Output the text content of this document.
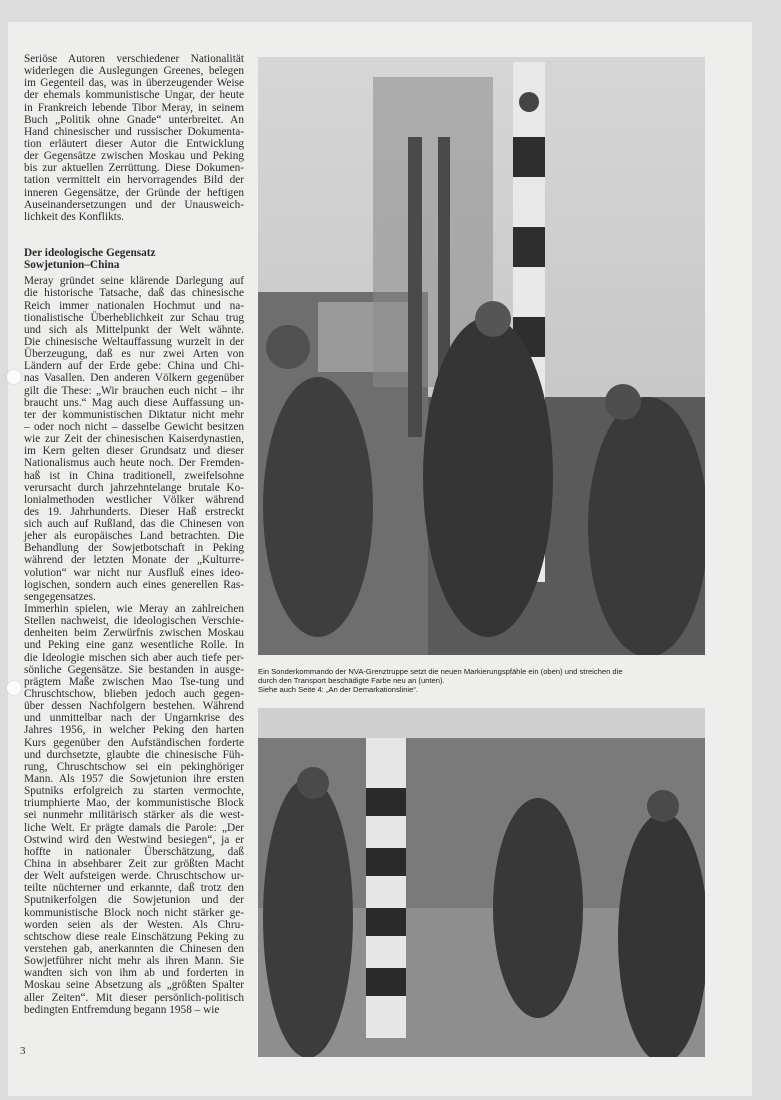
Seriöse Autoren verschiedener Nationalität
widerlegen die Auslegungen Greenes, belegen
im Gegenteil das, was in überzeugender Weise
der ehemals kommunistische Ungar, der heute
in Frankreich lebende Tibor Meray, in seinem
Buch „Politik ohne Gnade“ unterbreitet. An
Hand chinesischer und russischer Dokumenta-
tion erläutert dieser Autor die Entwicklung
der Gegensätze zwischen Moskau und Peking
bis zur aktuellen Zerrüttung. Diese Dokumen-
tation vermittelt ein hervorragendes Bild der
inneren Gegensätze, der Gründe der heftigen
Auseinandersetzungen und der Unausweich-
lichkeit des Konflikts.
Der ideologische Gegensatz
Sowjetunion–China
Meray gründet seine klärende Darlegung auf
die historische Tatsache, daß das chinesische
Reich immer nationalen Hochmut und na-
tionalistische Überheblichkeit zur Schau trug
und sich als Mittelpunkt der Welt wähnte.
Die chinesische Weltauffassung wurzelt in der
Überzeugung, daß es nur zwei Arten von
Ländern auf der Erde gebe: China und Chi-
nas Vasallen. Den anderen Völkern gegenüber
gilt die These: „Wir brauchen euch nicht – ihr
braucht uns.“ Mag auch diese Auffassung un-
ter der kommunistischen Diktatur nicht mehr
– oder noch nicht – dasselbe Gewicht besitzen
wie zur Zeit der chinesischen Kaiserdynastien,
im Kern gelten dieser Grundsatz und dieser
Nationalismus auch heute noch. Der Fremden-
haß ist in China traditionell, zweifelsohne
verursacht durch jahrzehntelange brutale Ko-
lonialmethoden westlicher Völker während
des 19. Jahrhunderts. Dieser Haß erstreckt
sich auch auf Rußland, das die Chinesen von
jeher als europäisches Land betrachten. Die
Behandlung der Sowjetbotschaft in Peking
während der letzten Monate der „Kulturre-
volution“ war nicht nur Ausfluß eines ideo-
logischen, sondern auch eines generellen Ras-
sengegensatzes.
Immerhin spielen, wie Meray an zahlreichen
Stellen nachweist, die ideologischen Verschie-
denheiten beim Zerwürfnis zwischen Moskau
und Peking eine ganz wesentliche Rolle. In
die Ideologie mischen sich aber auch tiefe per-
sönliche Gegensätze. Sie bestanden in ausge-
prägtem Maße zwischen Mao Tse-tung und
Chruschtschow, blieben jedoch auch gegen-
über dessen Nachfolgern bestehen. Während
und unmittelbar nach der Ungarnkrise des
Jahres 1956, in welcher Peking den harten
Kurs gegenüber den Aufständischen forderte
und durchsetzte, glaubte die chinesische Füh-
rung, Chruschtschow sei ein pekinghöriger
Mann. Als 1957 die Sowjetunion ihre ersten
Sputniks erfolgreich zu starten vermochte,
triumphierte Mao, der kommunistische Block
sei nunmehr militärisch stärker als die west-
liche Welt. Er prägte damals die Parole: „Der
Ostwind wird den Westwind besiegen“, ja er
hoffte in nationaler Überschätzung, daß
China in absehbarer Zeit zur größten Macht
der Welt aufsteigen werde. Chruschtschow ur-
teilte nüchterner und erkannte, daß trotz den
Sputnikerfolgen die Sowjetunion und der
kommunistische Block noch nicht stärker ge-
worden seien als der Westen. Als Chru-
schtschow diese reale Einschätzung Peking zu
verstehen gab, anerkannten die Chinesen den
Sowjetführer nicht mehr als ihren Mann. Sie
wandten sich von ihm ab und forderten in
Moskau seine Absetzung als „größten Spalter
aller Zeiten“. Mit dieser persönlich-politisch
bedingten Entfremdung begann 1958 – wie
Ein Sonderkommando der NVA-Grenztruppe setzt die neuen Markierungspfähle ein (oben) und streichen die
durch den Transport beschädigte Farbe neu an (unten).
Siehe auch Seite 4: „An der Demarkationslinie“.
3
